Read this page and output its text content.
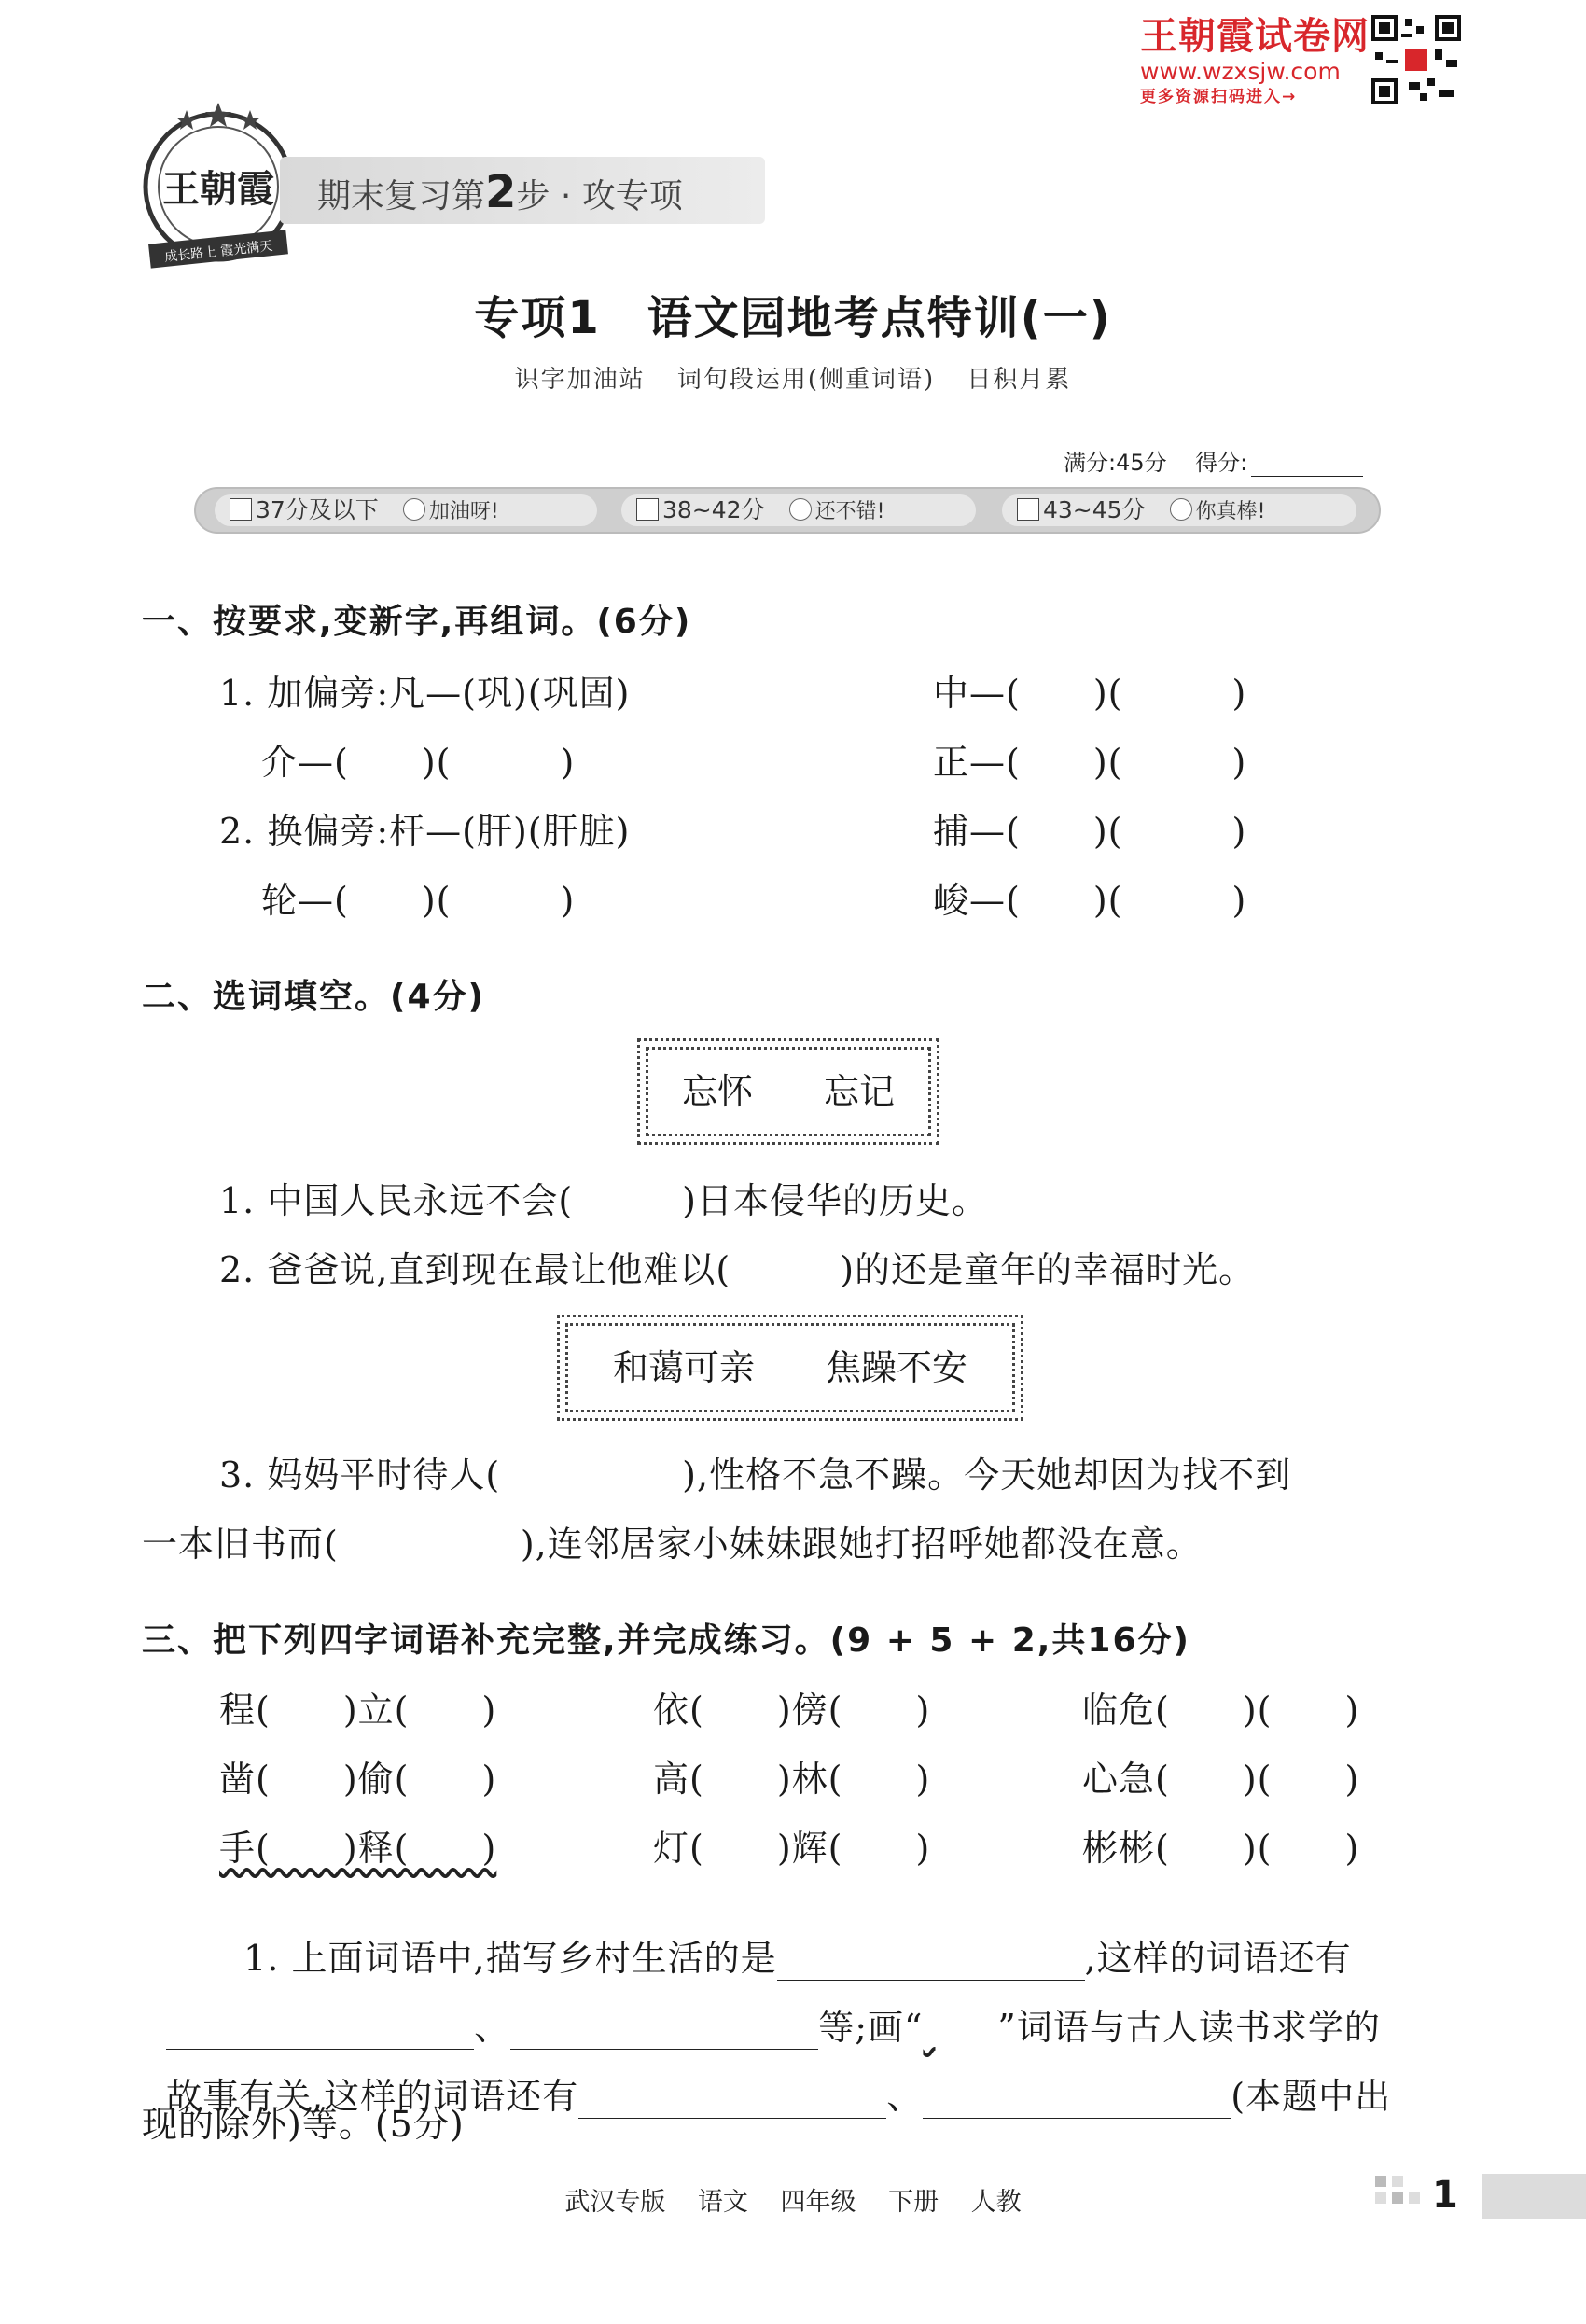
王朝霞试卷网
www.wzxsjw.com
更多资源扫码进入→
王朝霞
成长路上 霞光满天
期末复习第2步 · 攻专项
专项1　语文园地考点特训(一)
识字加油站 词句段运用(侧重词语) 日积月累
满分:45分 得分:
37分及以下 加油呀!	38~42分 还不错!	43~45分 你真棒!
一、按要求,变新字,再组词。(6分)
1. 加偏旁:凡—(巩)(巩固)	中—(　　)(　　　)
介—(　　)(　　　)	正—(　　)(　　　)
2. 换偏旁:杆—(肝)(肝脏)	捕—(　　)(　　　)
轮—(　　)(　　　)	峻—(　　)(　　　)
二、选词填空。(4分)
忘怀　　忘记
1. 中国人民永远不会(　　　)日本侵华的历史。
2. 爸爸说,直到现在最让他难以(　　　)的还是童年的幸福时光。
和蔼可亲　　焦躁不安
3. 妈妈平时待人(　　　　　),性格不急不躁。今天她却因为找不到
一本旧书而(　　　　　),连邻居家小妹妹跟她打招呼她都没在意。
三、把下列四字词语补充完整,并完成练习。(9 + 5 + 2,共16分)
程(　　)立(　　)	依(　　)傍(　　)	临危(　　)(　　)
凿(　　)偷(　　)	高(　　)林(　　)	心急(　　)(　　)
手(　　)释(　　)	灯(　　)辉(　　)	彬彬(　　)(　　)

1. 上面词语中,描写乡村生活的是	,这样的词语还有

、	等;画“ ”词语与古人读书求学的

故事有关,这样的词语还有	、	(本题中出

现的除外)等。(5分)
武汉专版 语文 四年级 下册 人教	1
